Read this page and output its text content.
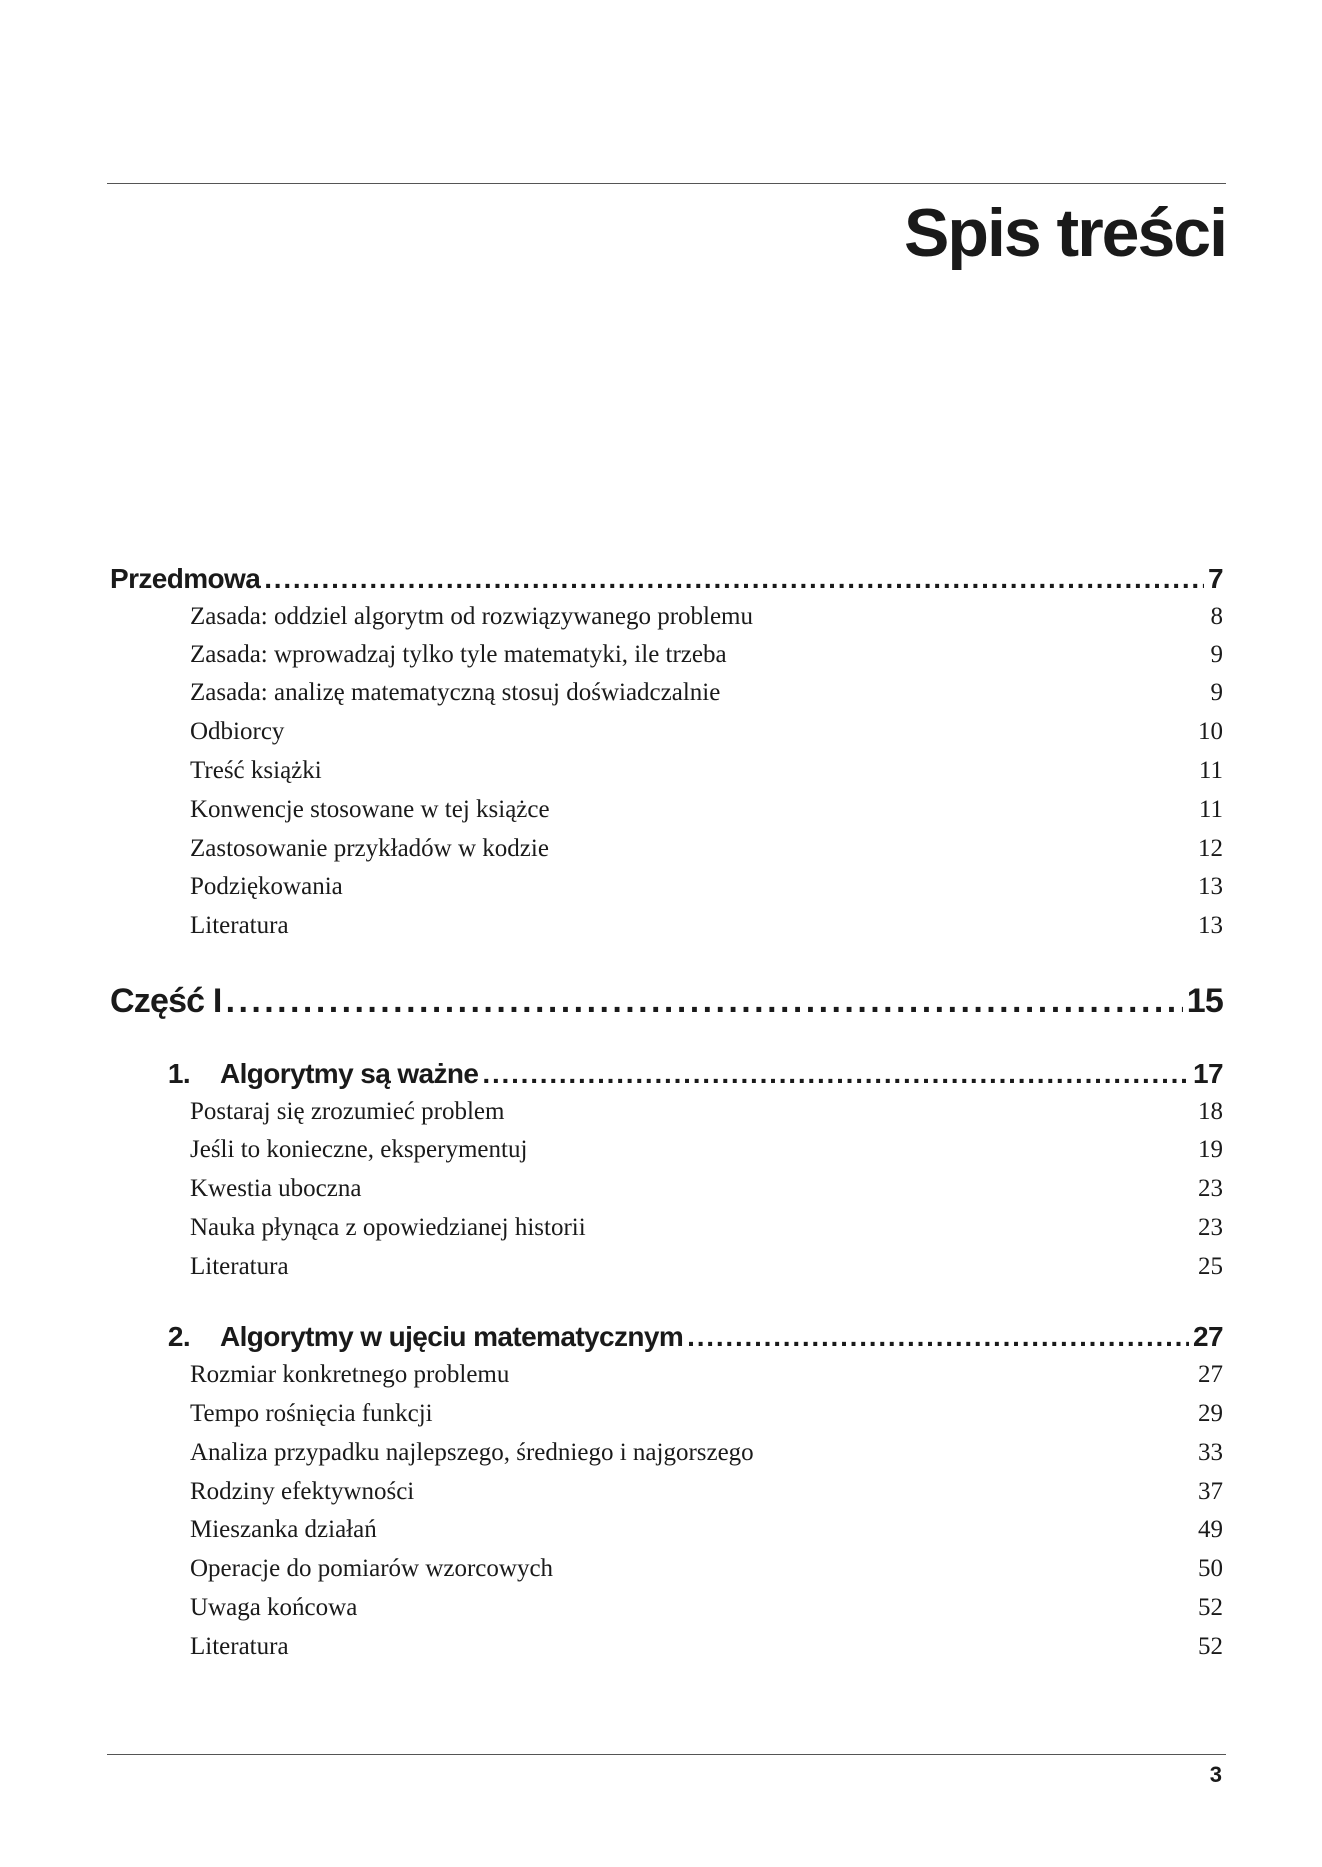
Spis treści
Przedmowa . . .	7
Zasada: oddziel algorytm od rozwiązywanego problemu	8
Zasada: wprowadzaj tylko tyle matematyki, ile trzeba	9
Zasada: analizę matematyczną stosuj doświadczalnie	9
Odbiorcy	10
Treść książki	11
Konwencje stosowane w tej książce	11
Zastosowanie przykładów w kodzie	12
Podziękowania	13
Literatura	13
Część I . . .	15
1. Algorytmy są ważne . . .	17
Postaraj się zrozumieć problem	18
Jeśli to konieczne, eksperymentuj	19
Kwestia uboczna	23
Nauka płynąca z opowiedzianej historii	23
Literatura	25
2. Algorytmy w ujęciu matematycznym . . .	27
Rozmiar konkretnego problemu	27
Tempo rośnięcia funkcji	29
Analiza przypadku najlepszego, średniego i najgorszego	33
Rodziny efektywności	37
Mieszanka działań	49
Operacje do pomiarów wzorcowych	50
Uwaga końcowa	52
Literatura	52
3
